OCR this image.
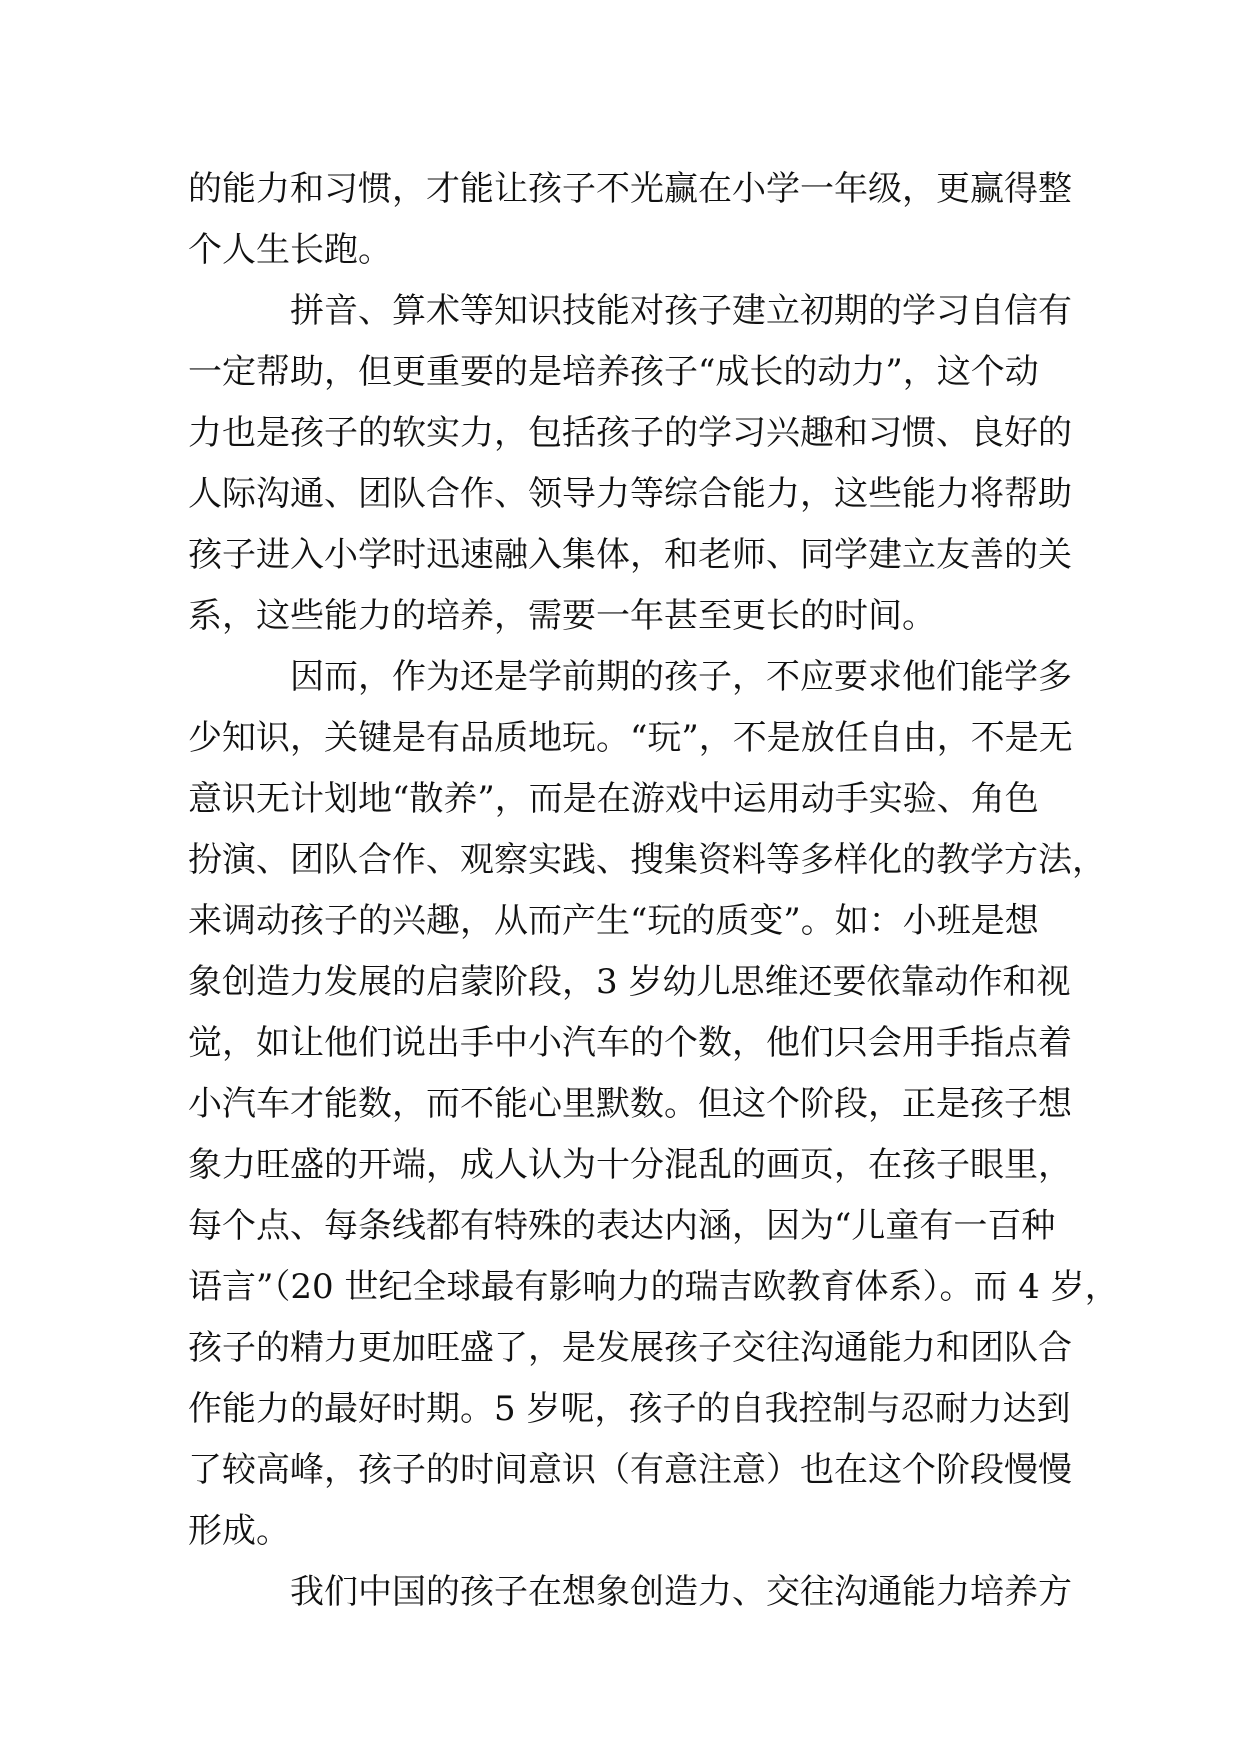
的能力和习惯，才能让孩子不光赢在小学一年级，更赢得整
个人生长跑。
拼音、算术等知识技能对孩子建立初期的学习自信有
一定帮助，但更重要的是培养孩子“成长的动力”，这个动
力也是孩子的软实力，包括孩子的学习兴趣和习惯、良好的
人际沟通、团队合作、领导力等综合能力，这些能力将帮助
孩子进入小学时迅速融入集体，和老师、同学建立友善的关
系，这些能力的培养，需要一年甚至更长的时间。
因而，作为还是学前期的孩子，不应要求他们能学多
少知识，关键是有品质地玩。“玩”，不是放任自由，不是无
意识无计划地“散养”，而是在游戏中运用动手实验、角色
扮演、团队合作、观察实践、搜集资料等多样化的教学方法，
来调动孩子的兴趣，从而产生“玩的质变”。如：小班是想
象创造力发展的启蒙阶段，3 岁幼儿思维还要依靠动作和视
觉，如让他们说出手中小汽车的个数，他们只会用手指点着
小汽车才能数，而不能心里默数。但这个阶段，正是孩子想
象力旺盛的开端，成人认为十分混乱的画页，在孩子眼里，
每个点、每条线都有特殊的表达内涵，因为“儿童有一百种
语言”（20 世纪全球最有影响力的瑞吉欧教育体系）。而 4 岁，
孩子的精力更加旺盛了，是发展孩子交往沟通能力和团队合
作能力的最好时期。5 岁呢，孩子的自我控制与忍耐力达到
了较高峰，孩子的时间意识（有意注意）也在这个阶段慢慢
形成。
我们中国的孩子在想象创造力、交往沟通能力培养方
